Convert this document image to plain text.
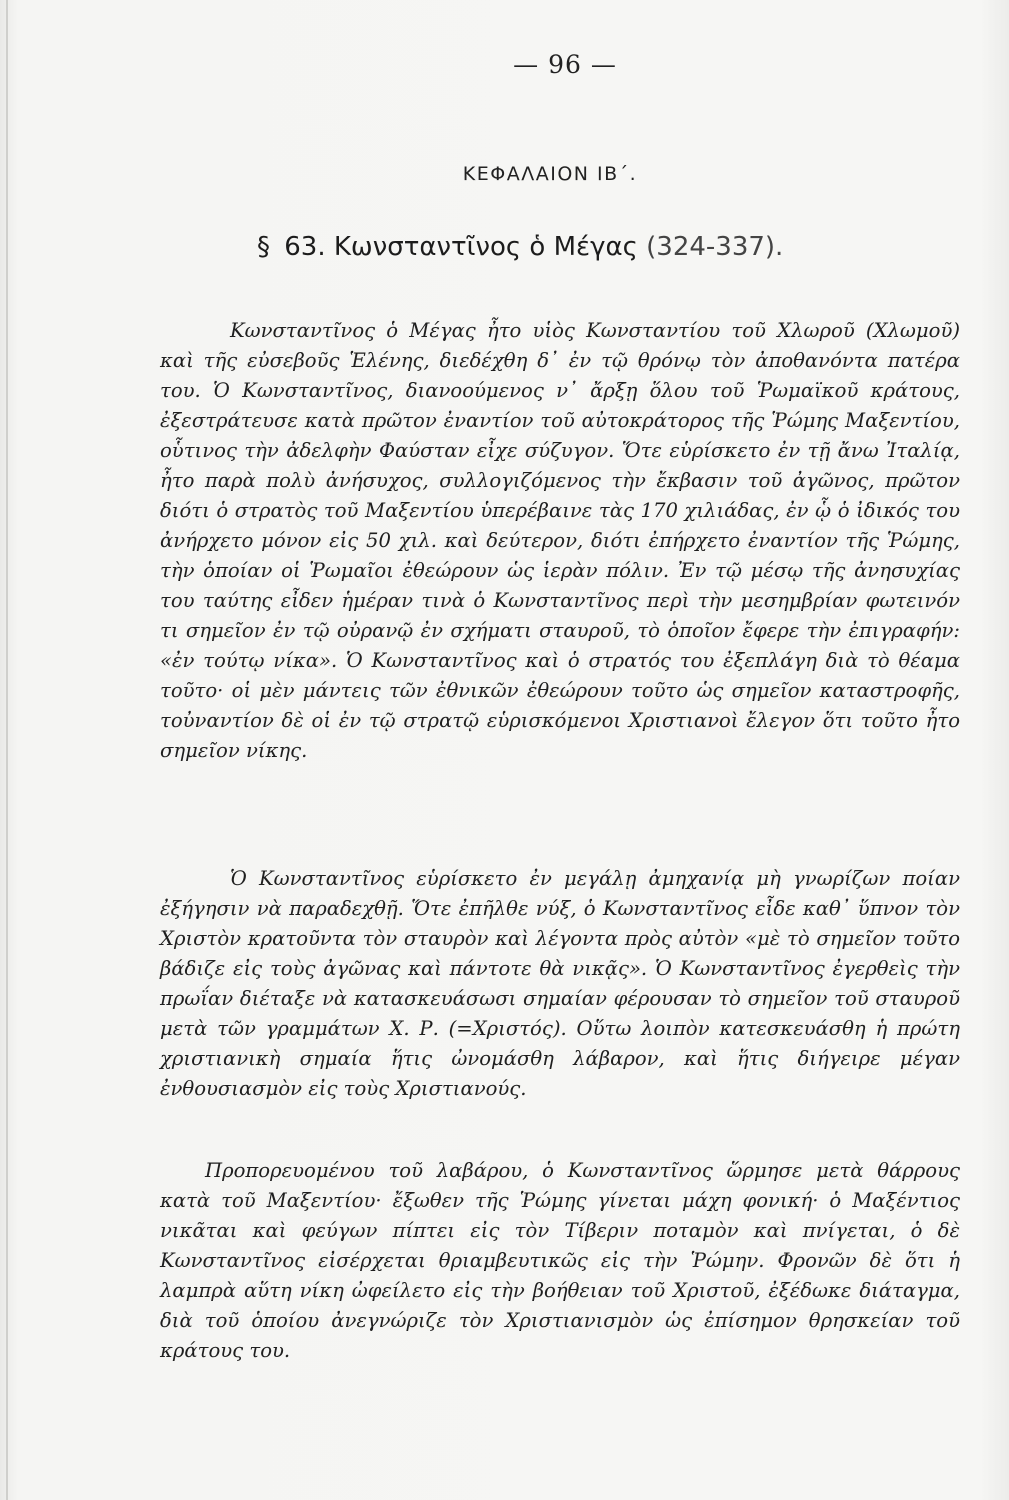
— 96 —
ΚΕΦΑΛΑΙΟΝ ΙΒ΄.
§ 63. Κωνσταντῖνος ὁ Μέγας (324-337).

Κωνσταντῖνος ὁ Μέγας ἦτο υἱὸς Κωνσταντίου τοῦ Χλωροῦ (Χλωμοῦ) καὶ τῆς εὐσεβοῦς Ἑλένης, διεδέχθη δ᾿ ἐν τῷ θρόνῳ τὸν ἀποθανόντα πατέρα του. Ὁ Κωνσταντῖνος, διανοούμενος ν᾿ ἄρξῃ ὅλου τοῦ Ῥωμαϊκοῦ κράτους, ἐξεστράτευσε κατὰ πρῶτον ἐναντίον τοῦ αὐτοκράτορος τῆς Ῥώμης Μαξεντίου, οὗτινος τὴν ἀδελφὴν Φαύσταν εἶχε σύζυγον. Ὅτε εὑρίσκετο ἐν τῇ ἄνω Ἰταλίᾳ, ἦτο παρὰ πολὺ ἀνήσυχος, συλλογιζόμενος τὴν ἔκβασιν τοῦ ἀγῶνος, πρῶτον διότι ὁ στρατὸς τοῦ Μαξεντίου ὑπερέβαινε τὰς 170 χιλιάδας, ἐν ᾧ ὁ ἰδικός του ἀνήρχετο μόνον εἰς 50 χιλ. καὶ δεύτερον, διότι ἐπήρχετο ἐναντίον τῆς Ῥώμης, τὴν ὁποίαν οἱ Ῥωμαῖοι ἐθεώρουν ὡς ἱερὰν πόλιν. Ἐν τῷ μέσῳ τῆς ἀνησυχίας του ταύτης εἶδεν ἡμέραν τινὰ ὁ Κωνσταντῖνος περὶ τὴν μεσημβρίαν φωτεινόν τι σημεῖον ἐν τῷ οὐρανῷ ἐν σχήματι σταυροῦ, τὸ ὁποῖον ἔφερε τὴν ἐπιγραφήν: «ἐν τούτῳ νίκα». Ὁ Κωνσταντῖνος καὶ ὁ στρατός του ἐξεπλάγη διὰ τὸ θέαμα τοῦτο· οἱ μὲν μάντεις τῶν ἐθνικῶν ἐθεώρουν τοῦτο ὡς σημεῖον καταστροφῆς, τοὐναντίον δὲ οἱ ἐν τῷ στρατῷ εὑρισκόμενοι Χριστιανοὶ ἔλεγον ὅτι τοῦτο ἦτο σημεῖον νίκης.

Ὁ Κωνσταντῖνος εὑρίσκετο ἐν μεγάλῃ ἀμηχανίᾳ μὴ γνωρίζων ποίαν ἐξήγησιν νὰ παραδεχθῇ. Ὅτε ἐπῆλθε νύξ, ὁ Κωνσταντῖνος εἶδε καθ᾿ ὕπνον τὸν Χριστὸν κρατοῦντα τὸν σταυρὸν καὶ λέγοντα πρὸς αὐτὸν «μὲ τὸ σημεῖον τοῦτο βάδιζε εἰς τοὺς ἀγῶνας καὶ πάντοτε θὰ νικᾷς». Ὁ Κωνσταντῖνος ἐγερθεὶς τὴν πρωΐαν διέταξε νὰ κατασκευάσωσι σημαίαν φέρουσαν τὸ σημεῖον τοῦ σταυροῦ μετὰ τῶν γραμμάτων Χ. Ρ. (=Χριστός). Οὕτω λοιπὸν κατεσκευάσθη ἡ πρώτη χριστιανικὴ σημαία ἥτις ὠνομάσθη λάβαρον, καὶ ἥτις διήγειρε μέγαν ἐνθουσιασμὸν εἰς τοὺς Χριστιανούς.

Προπορευομένου τοῦ λαβάρου, ὁ Κωνσταντῖνος ὥρμησε μετὰ θάρρους κατὰ τοῦ Μαξεντίου· ἔξωθεν τῆς Ῥώμης γίνεται μάχη φονική· ὁ Μαξέντιος νικᾶται καὶ φεύγων πίπτει εἰς τὸν Τίβεριν ποταμὸν καὶ πνίγεται, ὁ δὲ Κωνσταντῖνος εἰσέρχεται θριαμβευτικῶς εἰς τὴν Ῥώμην. Φρονῶν δὲ ὅτι ἡ λαμπρὰ αὕτη νίκη ὠφείλετο εἰς τὴν βοήθειαν τοῦ Χριστοῦ, ἐξέδωκε διάταγμα, διὰ τοῦ ὁποίου ἀνεγνώριζε τὸν Χριστιανισμὸν ὡς ἐπίσημον θρησκείαν τοῦ κράτους του.
